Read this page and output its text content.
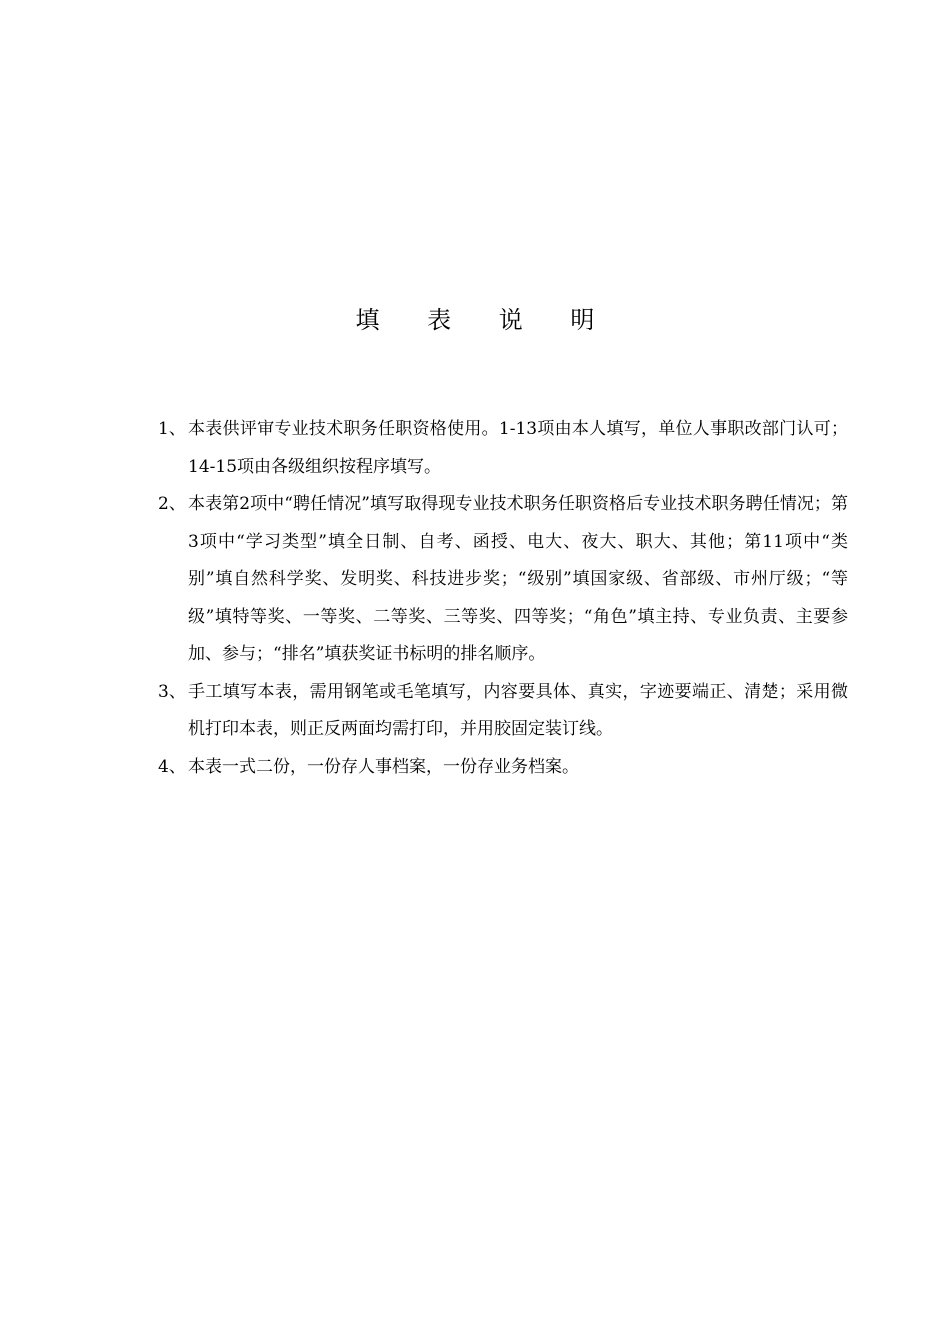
填 表 说 明
1、 本表供评审专业技术职务任职资格使用。1-13项由本人填写，单位人事职改部门认可；14-15项由各级组织按程序填写。
2、 本表第2项中“聘任情况”填写取得现专业技术职务任职资格后专业技术职务聘任情况；第3项中“学习类型”填全日制、自考、函授、电大、夜大、职大、其他；第11项中“类别”填自然科学奖、发明奖、科技进步奖；“级别”填国家级、省部级、市州厅级；“等级”填特等奖、一等奖、二等奖、三等奖、四等奖；“角色”填主持、专业负责、主要参加、参与；“排名”填获奖证书标明的排名顺序。
3、 手工填写本表，需用钢笔或毛笔填写，内容要具体、真实，字迹要端正、清楚；采用微机打印本表，则正反两面均需打印，并用胶固定装订线。
4、 本表一式二份，一份存人事档案，一份存业务档案。
